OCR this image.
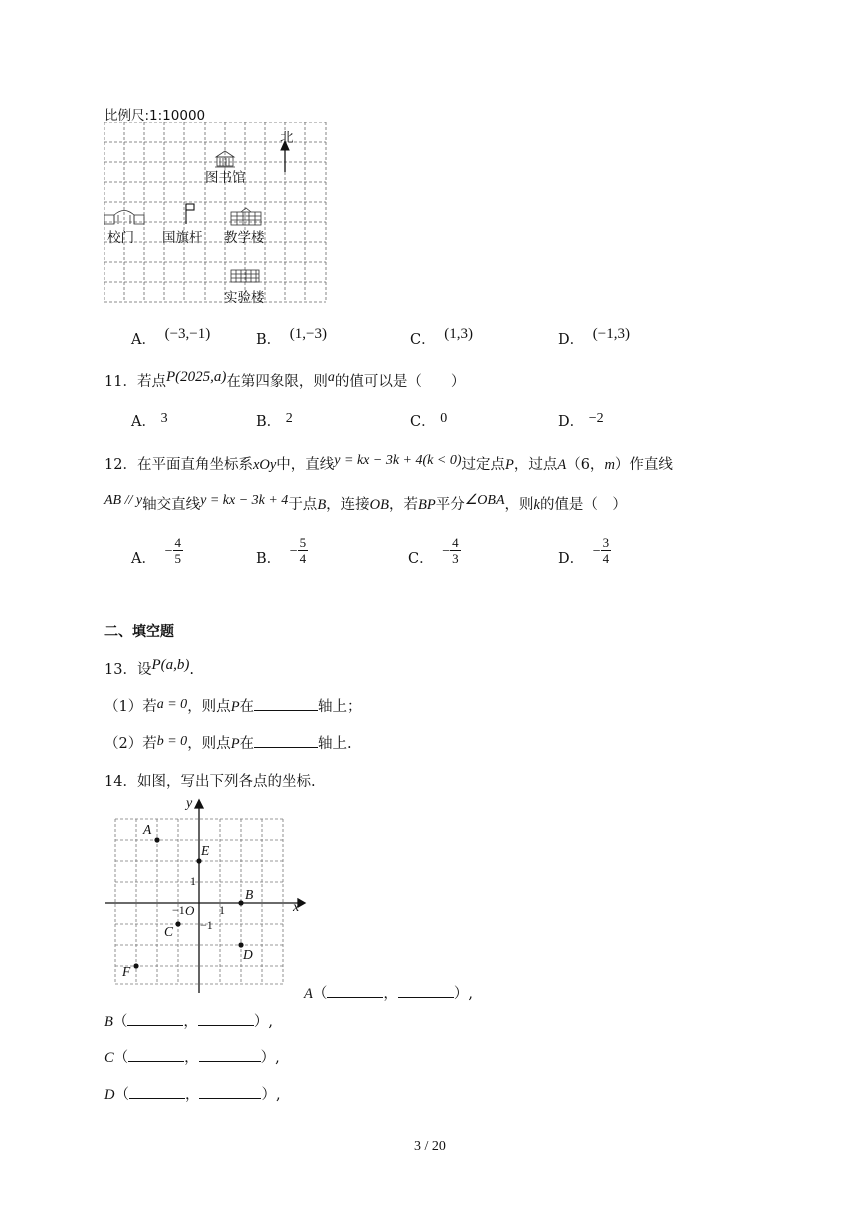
比例尺:1:10000
北
图书馆
校门 国旗杆 教学楼
实验楼
A． (−3,−1)	B． (1,−3)	C． (1,3)	D． (−1,3)
11．若点P(2025,a)在第四象限，则a的值可以是（　　）
A． 3	B． 2	C． 0	D． −2
12．在平面直角坐标系xOy中，直线y = kx − 3k + 4(k < 0)过定点P，过点A（6，m）作直线
AB // y轴交直线y = kx − 3k + 4于点B，连接OB，若BP平分∠OBA，则k的值是（　）
A． − $\frac{4}{5}$	B． − $\frac{5}{4}$	C． − $\frac{4}{3}$	D． − $\frac{3}{4}$
二、填空题
13．设P(a,b).
（1）若a = 0，则点P在	轴上；
（2）若b = 0，则点P在	轴上.
14．如图，写出下列各点的坐标.
y
x
O
1
1
−1
−1
A
B
C
D
E
F
A（	，	）,
B（	，	）,
C（	，	）,
D（	，	）,
3 / 20
